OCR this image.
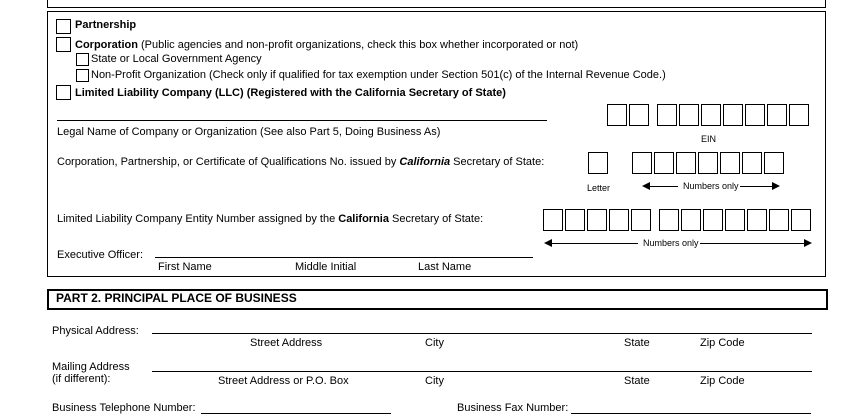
Partnership
Corporation (Public agencies and non-profit organizations, check this box whether incorporated or not)
State or Local Government Agency
Non-Profit Organization (Check only if qualified for tax exemption under Section 501(c) of the Internal Revenue Code.)
Limited Liability Company (LLC) (Registered with the California Secretary of State)
Legal Name of Company or Organization (See also Part 5, Doing Business As)
EIN
Corporation, Partnership, or Certificate of Qualifications No. issued by California Secretary of State:
Letter	Numbers only
Limited Liability Company Entity Number assigned by the California Secretary of State:
Numbers only
Executive Officer:
First Name	Middle Initial	Last Name
PART 2. PRINCIPAL PLACE OF BUSINESS
Physical Address:
Street Address	City	State	Zip Code
Mailing Address
(if different):	Street Address or P.O. Box	City	State	Zip Code
Business Telephone Number:	Business Fax Number:
